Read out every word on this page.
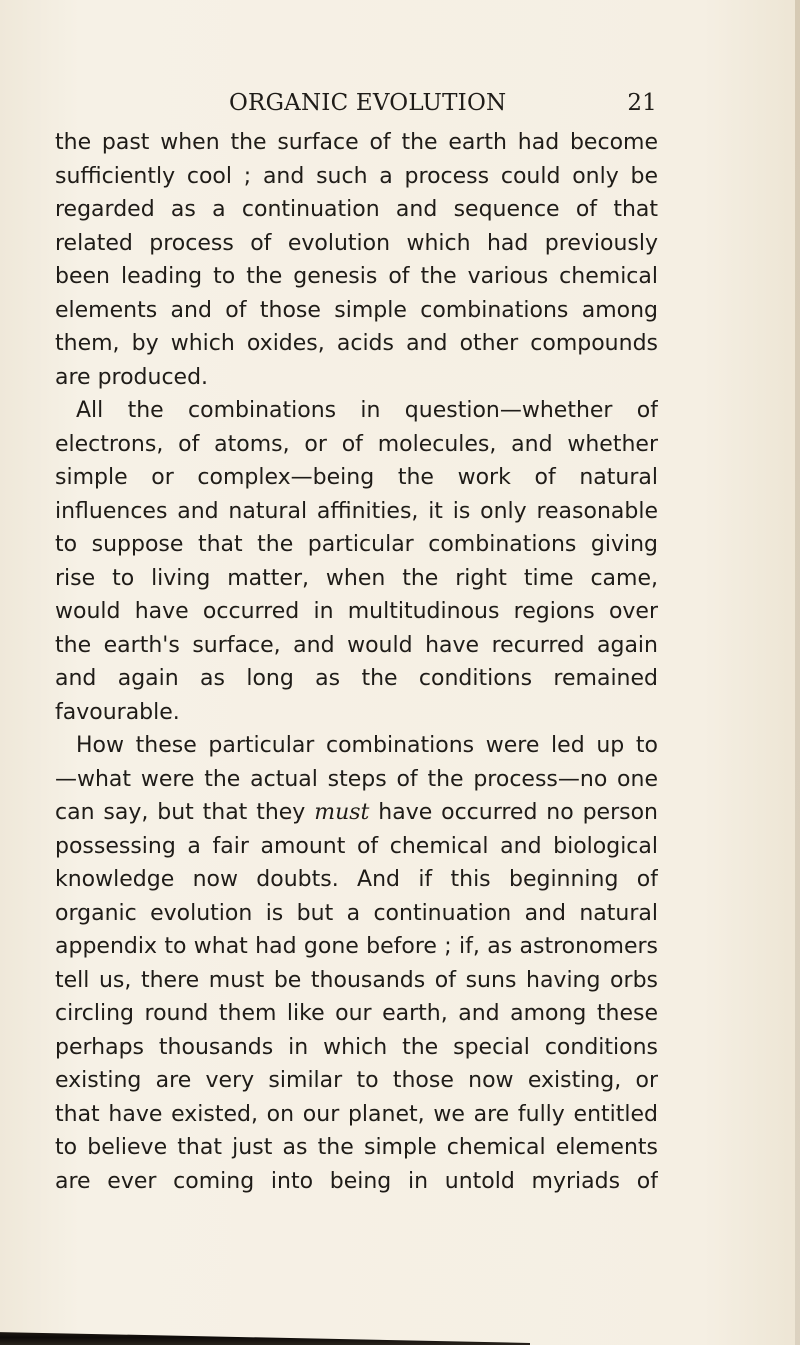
ORGANIC EVOLUTION	21
the past when the surface of the earth had become
sufficiently cool ; and such a process could only be
regarded as a continuation and sequence of that
related process of evolution which had previously
been leading to the genesis of the various chemical
elements and of those simple combinations among
them, by which oxides, acids and other compounds
are produced.
All the combinations in question—whether of
electrons, of atoms, or of molecules, and whether
simple or complex—being the work of natural
influences and natural affinities, it is only reasonable
to suppose that the particular combinations giving
rise to living matter, when the right time came,
would have occurred in multitudinous regions over
the earth's surface, and would have recurred again
and again as long as the conditions remained
favourable.
How these particular combinations were led up to
—what were the actual steps of the process—no one
can say, but that they must have occurred no person
possessing a fair amount of chemical and biological
knowledge now doubts. And if this beginning of
organic evolution is but a continuation and natural
appendix to what had gone before ; if, as astronomers
tell us, there must be thousands of suns having orbs
circling round them like our earth, and among these
perhaps thousands in which the special conditions
existing are very similar to those now existing, or
that have existed, on our planet, we are fully entitled
to believe that just as the simple chemical elements
are ever coming into being in untold myriads of
